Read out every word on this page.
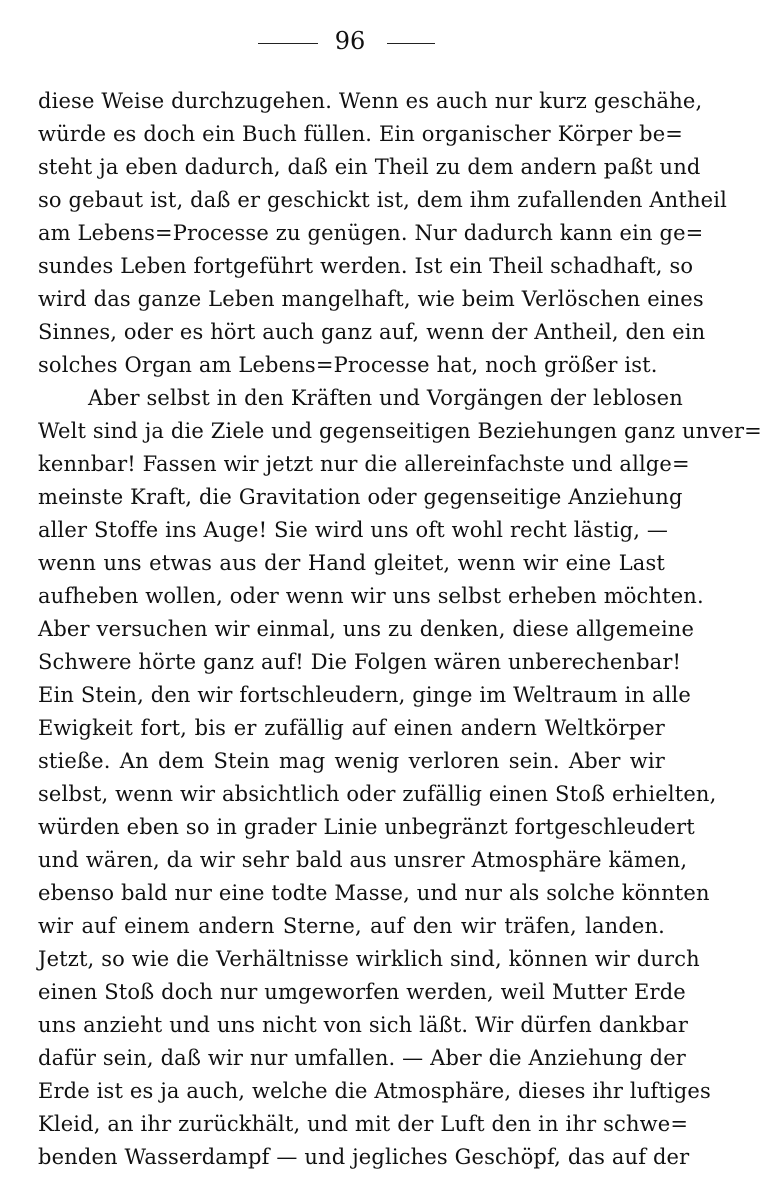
96
diese Weise durchzugehen. Wenn es auch nur kurz geschähe,
würde es doch ein Buch füllen. Ein organischer Körper be=
steht ja eben dadurch, daß ein Theil zu dem andern paßt und
so gebaut ist, daß er geschickt ist, dem ihm zufallenden Antheil
am Lebens=Processe zu genügen. Nur dadurch kann ein ge=
sundes Leben fortgeführt werden. Ist ein Theil schadhaft, so
wird das ganze Leben mangelhaft, wie beim Verlöschen eines
Sinnes, oder es hört auch ganz auf, wenn der Antheil, den ein
solches Organ am Lebens=Processe hat, noch größer ist.
Aber selbst in den Kräften und Vorgängen der leblosen
Welt sind ja die Ziele und gegenseitigen Beziehungen ganz unver=
kennbar! Fassen wir jetzt nur die allereinfachste und allge=
meinste Kraft, die Gravitation oder gegenseitige Anziehung
aller Stoffe ins Auge! Sie wird uns oft wohl recht lästig, —
wenn uns etwas aus der Hand gleitet, wenn wir eine Last
aufheben wollen, oder wenn wir uns selbst erheben möchten.
Aber versuchen wir einmal, uns zu denken, diese allgemeine
Schwere hörte ganz auf! Die Folgen wären unberechenbar!
Ein Stein, den wir fortschleudern, ginge im Weltraum in alle
Ewigkeit fort, bis er zufällig auf einen andern Weltkörper
stieße. An dem Stein mag wenig verloren sein. Aber wir
selbst, wenn wir absichtlich oder zufällig einen Stoß erhielten,
würden eben so in grader Linie unbegränzt fortgeschleudert
und wären, da wir sehr bald aus unsrer Atmosphäre kämen,
ebenso bald nur eine todte Masse, und nur als solche könnten
wir auf einem andern Sterne, auf den wir träfen, landen.
Jetzt, so wie die Verhältnisse wirklich sind, können wir durch
einen Stoß doch nur umgeworfen werden, weil Mutter Erde
uns anzieht und uns nicht von sich läßt. Wir dürfen dankbar
dafür sein, daß wir nur umfallen. — Aber die Anziehung der
Erde ist es ja auch, welche die Atmosphäre, dieses ihr luftiges
Kleid, an ihr zurückhält, und mit der Luft den in ihr schwe=
benden Wasserdampf — und jegliches Geschöpf, das auf der
